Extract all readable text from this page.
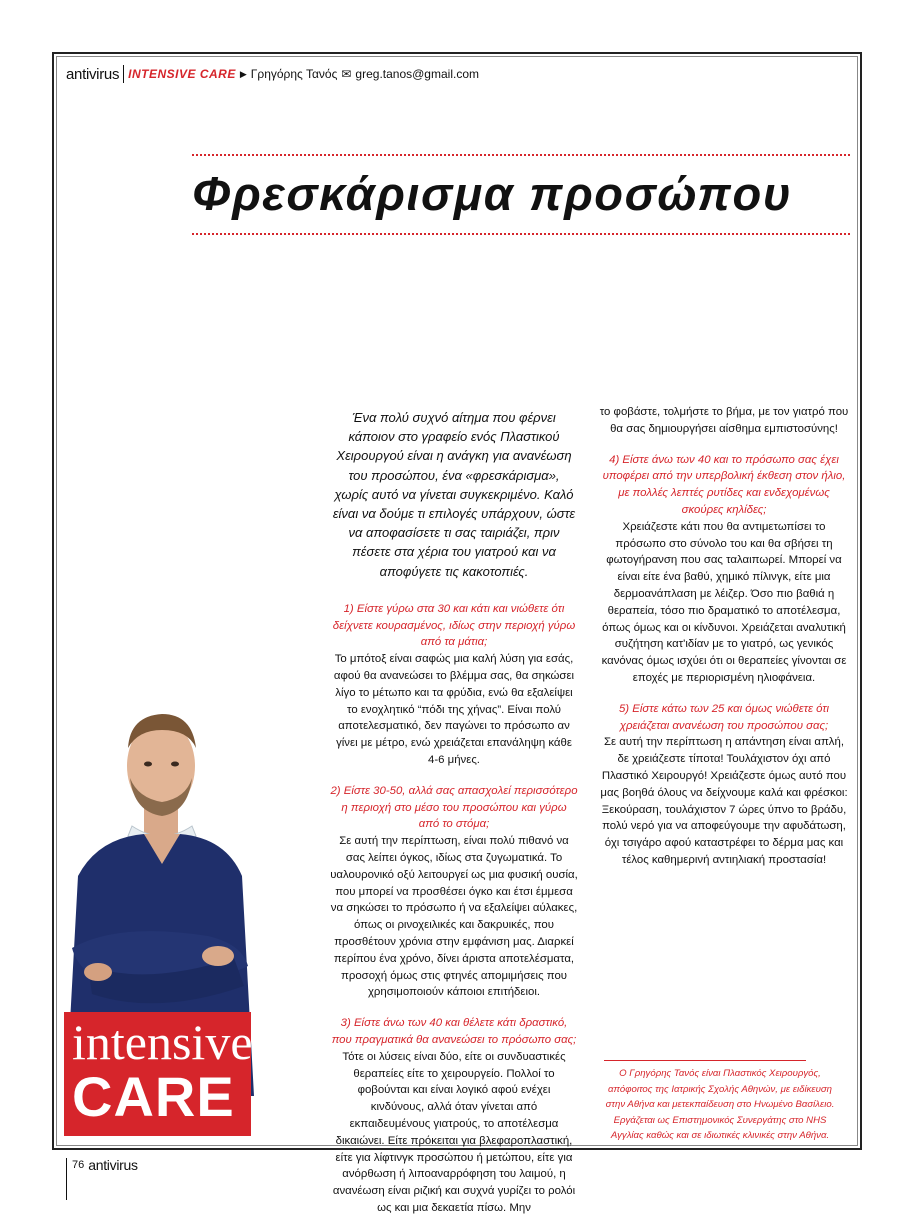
antivirus INTENSIVE CARE ▶ Γρηγόρης Τανός ✉ greg.tanos@gmail.com
Φρεσκάρισμα προσώπου

Ένα πολύ συχνό αίτημα που φέρνει κάποιον στο γραφείο ενός Πλαστικού Χειρουργού είναι η ανάγκη για ανανέωση του προσώπου, ένα «φρεσκάρισμα», χωρίς αυτό να γίνεται συγκεκριμένο. Καλό είναι να δούμε τι επιλογές υπάρχουν, ώστε να αποφασίσετε τι σας ταιριάζει, πριν πέσετε στα χέρια του γιατρού και να αποφύγετε τις κακοτοπιές.

1) Είστε γύρω στα 30 και κάτι και νιώθετε ότι δείχνετε κουρασμένος, ιδίως στην περιοχή γύρω από τα μάτια;

Το μπότοξ είναι σαφώς μια καλή λύση για εσάς, αφού θα ανανεώσει το βλέμμα σας, θα σηκώσει λίγο το μέτωπο και τα φρύδια, ενώ θα εξαλείψει το ενοχλητικό “πόδι της χήνας”. Είναι πολύ αποτελεσματικό, δεν παγώνει το πρόσωπο αν γίνει με μέτρο, ενώ χρειάζεται επανάληψη κάθε 4-6 μήνες.

2) Είστε 30-50, αλλά σας απασχολεί περισσότερο η περιοχή στο μέσο του προσώπου και γύρω από το στόμα;

Σε αυτή την περίπτωση, είναι πολύ πιθανό να σας λείπει όγκος, ιδίως στα ζυγωματικά. Το υαλουρονικό οξύ λειτουργεί ως μια φυσική ουσία, που μπορεί να προσθέσει όγκο και έτσι έμμεσα να σηκώσει το πρόσωπο ή να εξαλείψει αύλακες, όπως οι ρινοχειλικές και δακρυικές, που προσθέτουν χρόνια στην εμφάνιση μας. Διαρκεί περίπου ένα χρόνο, δίνει άριστα αποτελέσματα, προσοχή όμως στις φτηνές απομιμήσεις που χρησιμοποιούν κάποιοι επιτήδειοι.

3) Είστε άνω των 40 και θέλετε κάτι δραστικό, που πραγματικά θα ανανεώσει το πρόσωπο σας;

Τότε οι λύσεις είναι δύο, είτε οι συνδυαστικές θεραπείες είτε το χειρουργείο. Πολλοί το φοβούνται και είναι λογικό αφού ενέχει κινδύνους, αλλά όταν γίνεται από εκπαιδευμένους γιατρούς, το αποτέλεσμα δικαιώνει. Είτε πρόκειται για βλεφαροπλαστική, είτε για λίφτινγκ προσώπου ή μετώπου, είτε για ανόρθωση ή λιποαναρρόφηση του λαιμού, η ανανέωση είναι ριζική και συχνά γυρίζει το ρολόι ως και μια δεκαετία πίσω. Μην

το φοβάστε, τολμήστε το βήμα, με τον γιατρό που θα σας δημιουργήσει αίσθημα εμπιστοσύνης!

4) Είστε άνω των 40 και το πρόσωπο σας έχει υποφέρει από την υπερβολική έκθεση στον ήλιο, με πολλές λεπτές ρυτίδες και ενδεχομένως σκούρες κηλίδες;

Χρειάζεστε κάτι που θα αντιμετωπίσει το πρόσωπο στο σύνολο του και θα σβήσει τη φωτογήρανση που σας ταλαιπωρεί. Μπορεί να είναι είτε ένα βαθύ, χημικό πίλινγκ, είτε μια δερμοανάπλαση με λέιζερ. Όσο πιο βαθιά η θεραπεία, τόσο πιο δραματικό το αποτέλεσμα, όπως όμως και οι κίνδυνοι. Χρειάζεται αναλυτική συζήτηση κατ'ιδίαν με το γιατρό, ως γενικός κανόνας όμως ισχύει ότι οι θεραπείες γίνονται σε εποχές με περιορισμένη ηλιοφάνεια.

5) Είστε κάτω των 25 και όμως νιώθετε ότι χρειάζεται ανανέωση του προσώπου σας;

Σε αυτή την περίπτωση η απάντηση είναι απλή, δε χρειάζεστε τίποτα! Τουλάχιστον όχι από Πλαστικό Χειρουργό! Χρειάζεστε όμως αυτό που μας βοηθά όλους να δείχνουμε καλά και φρέσκοι: Ξεκούραση, τουλάχιστον 7 ώρες ύπνο το βράδυ, πολύ νερό για να αποφεύγουμε την αφυδάτωση, όχι τσιγάρο αφού καταστρέφει το δέρμα μας και τέλος καθημερινή αντιηλιακή προστασία!

Ο Γρηγόρης Τανός είναι Πλαστικός Χειρουργός, απόφοιτος της Ιατρικής Σχολής Αθηνών, με ειδίκευση στην Αθήνα και μετεκπαίδευση στο Ηνωμένο Βασίλειο. Εργάζεται ως Επιστημονικός Συνεργάτης στο NHS Αγγλίας καθώς και σε ιδιωτικές κλινικές στην Αθήνα.
intensive
CARE
76 antivirus
